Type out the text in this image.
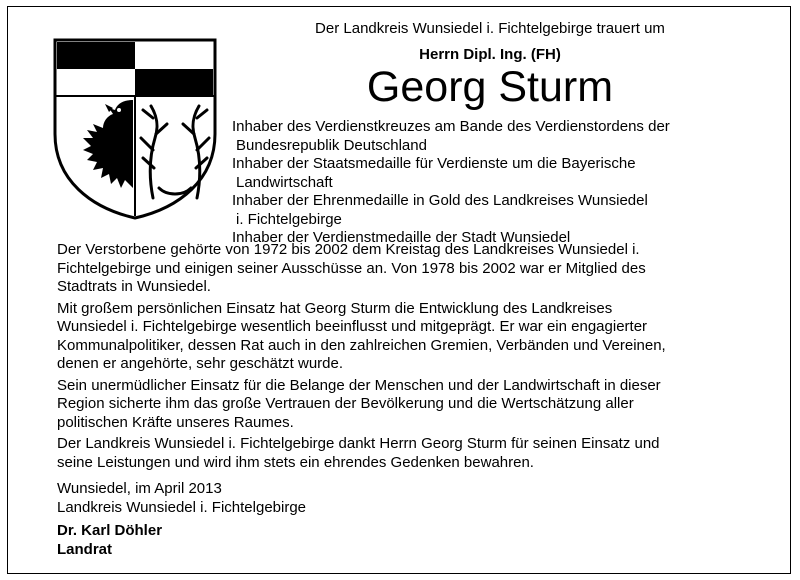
Der Landkreis Wunsiedel i. Fichtelgebirge trauert um
Herrn Dipl. Ing. (FH)
Georg Sturm
Inhaber des Verdienstkreuzes am Bande des Verdienstordens der
Bundesrepublik Deutschland
Inhaber der Staatsmedaille für Verdienste um die Bayerische
Landwirtschaft
Inhaber der Ehrenmedaille in Gold des Landkreises Wunsiedel
i. Fichtelgebirge
Inhaber der Verdienstmedaille der Stadt Wunsiedel

Der Verstorbene gehörte von 1972 bis 2002 dem Kreistag des Landkreises Wunsiedel i.
Fichtelgebirge und einigen seiner Ausschüsse an. Von 1978 bis 2002 war er Mitglied des
Stadtrats in Wunsiedel.

Mit großem persönlichen Einsatz hat Georg Sturm die Entwicklung des Landkreises
Wunsiedel i. Fichtelgebirge wesentlich beeinflusst und mitgeprägt. Er war ein engagierter
Kommunalpolitiker, dessen Rat auch in den zahlreichen Gremien, Verbänden und Vereinen,
denen er angehörte, sehr geschätzt wurde.

Sein unermüdlicher Einsatz für die Belange der Menschen und der Landwirtschaft in dieser
Region sicherte ihm das große Vertrauen der Bevölkerung und die Wertschätzung aller
politischen Kräfte unseres Raumes.

Der Landkreis Wunsiedel i. Fichtelgebirge dankt Herrn Georg Sturm für seinen Einsatz und
seine Leistungen und wird ihm stets ein ehrendes Gedenken bewahren.

Wunsiedel, im April 2013
Landkreis Wunsiedel i. Fichtelgebirge
Dr. Karl Döhler
Landrat
